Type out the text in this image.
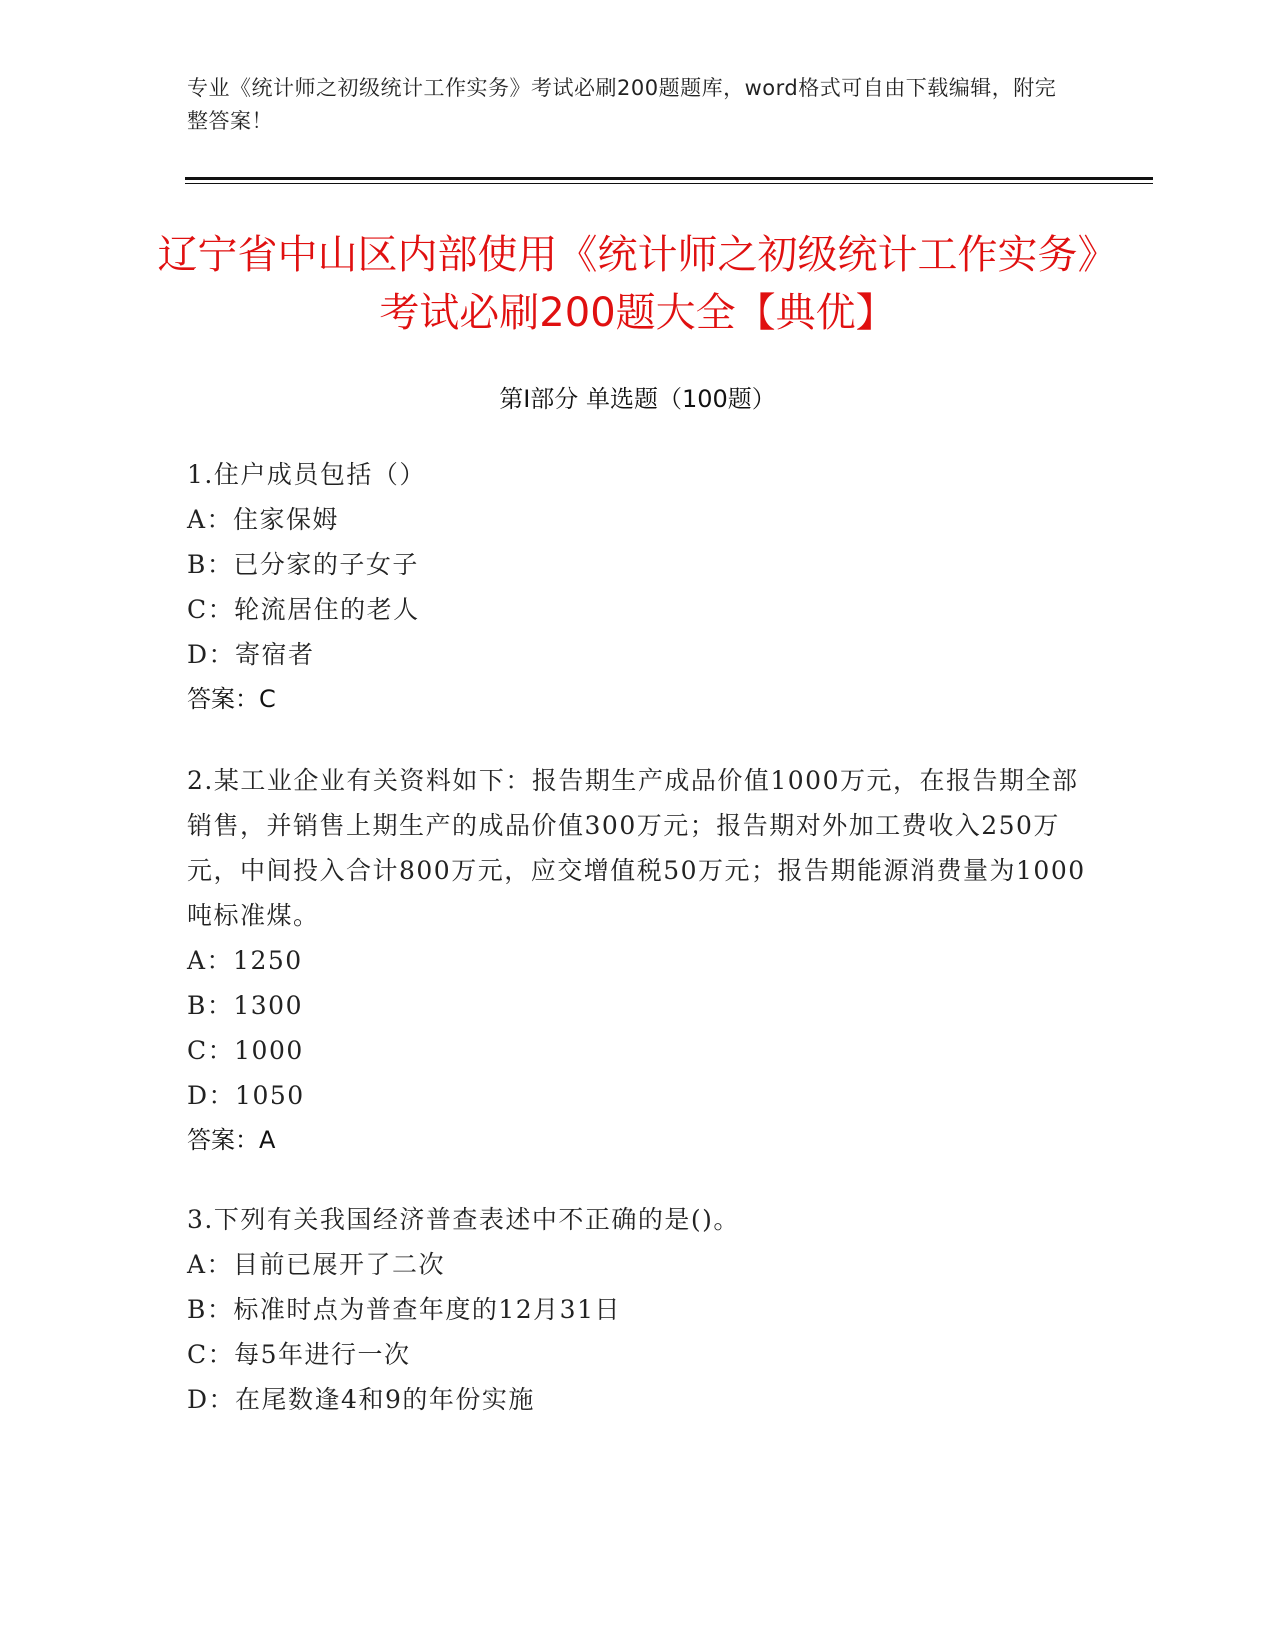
专业《统计师之初级统计工作实务》考试必刷200题题库，word格式可自由下载编辑，附完整答案！
辽宁省中山区内部使用《统计师之初级统计工作实务》考试必刷200题大全【典优】
第Ⅰ部分 单选题（100题）
1.住户成员包括（）
A：住家保姆
B：已分家的子女子
C：轮流居住的老人
D：寄宿者
答案：C
2.某工业企业有关资料如下：报告期生产成品价值1000万元，在报告期全部销售，并销售上期生产的成品价值300万元；报告期对外加工费收入250万元，中间投入合计800万元，应交增值税50万元；报告期能源消费量为1000吨标准煤。
A：1250
B：1300
C：1000
D：1050
答案：A
3.下列有关我国经济普查表述中不正确的是()。
A：目前已展开了二次
B：标准时点为普查年度的12月31日
C：每5年进行一次
D：在尾数逢4和9的年份实施
